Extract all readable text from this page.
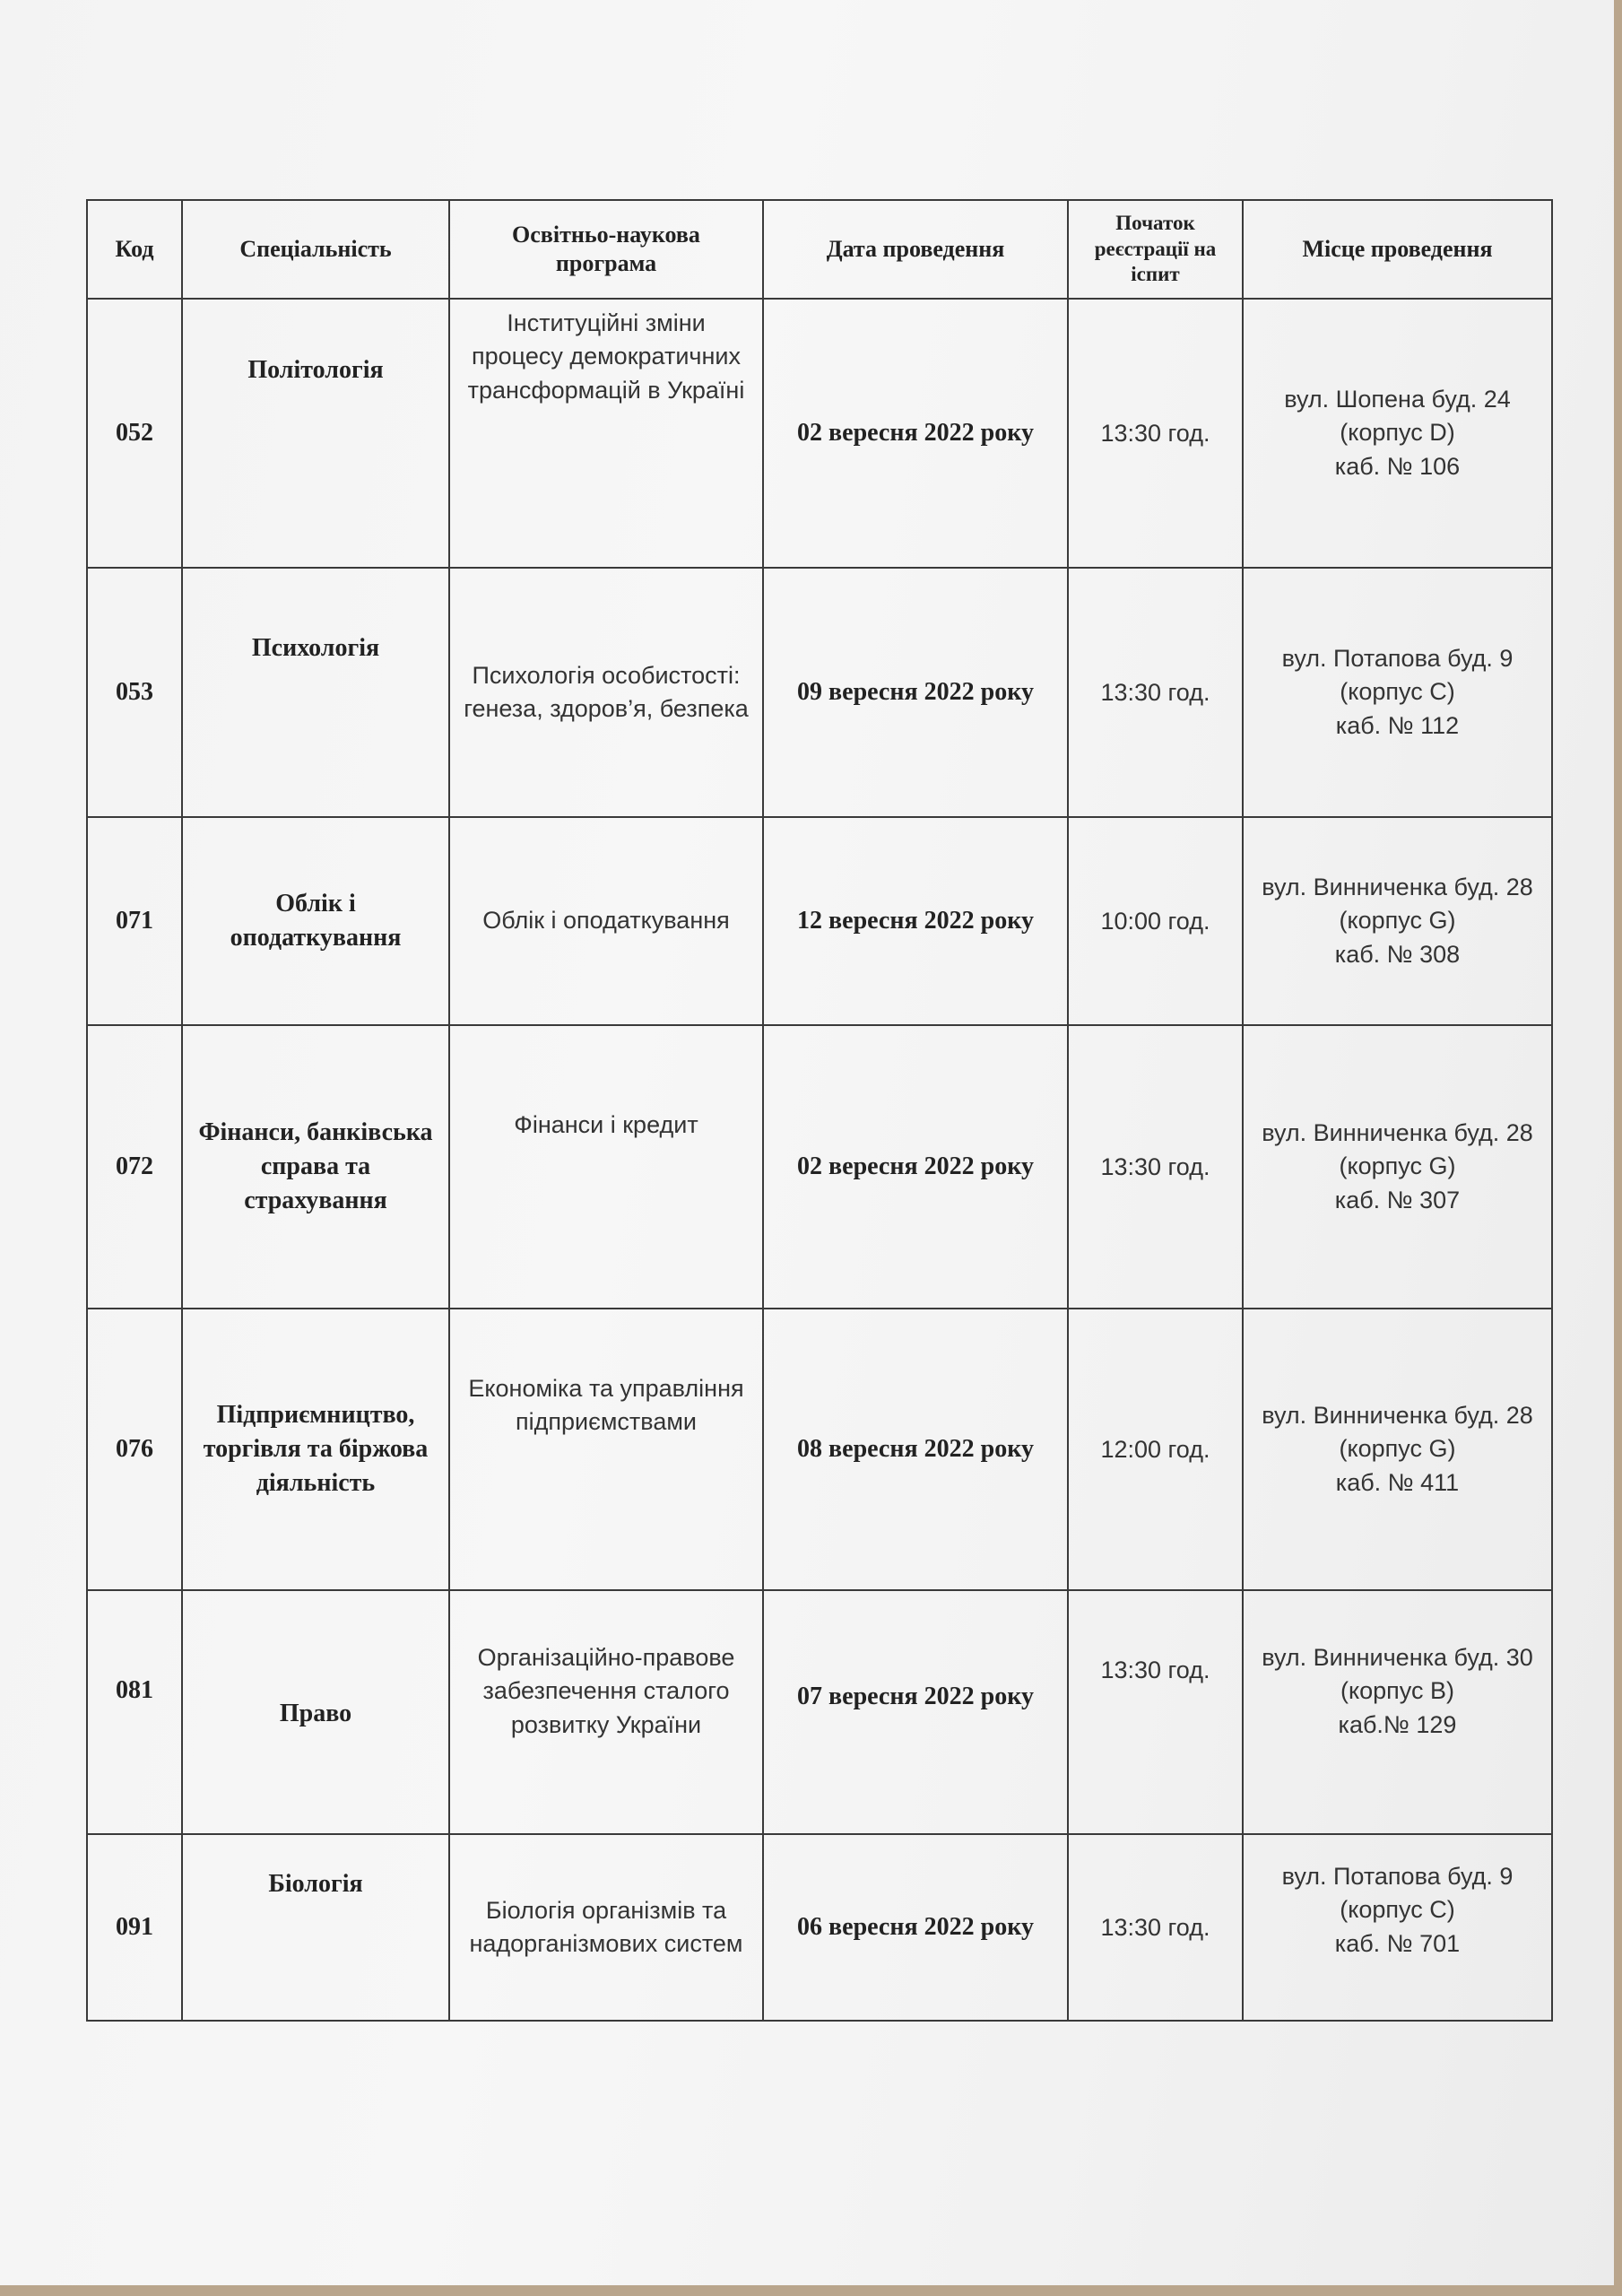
Код	Спеціальність	Освітньо-наукова програма	Дата проведення	Початок реєстрації на іспит	Місце проведення
052	Політологія	Інституційні зміни процесу демократичних трансформацій в Україні	02 вересня 2022 року	13:30 год.	вул. Шопена буд. 24
(корпус D)
каб. № 106

053	Психологія	Психологія особистості: генеза, здоров’я, безпека	09 вересня 2022 року	13:30 год.	вул. Потапова буд. 9
(корпус С)
каб. № 112

071	Облік і оподаткування	Облік і оподаткування	12 вересня 2022 року	10:00 год.	вул. Винниченка буд. 28
(корпус G)
каб. № 308

072	Фінанси, банківська справа та страхування	Фінанси і кредит	02 вересня 2022 року	13:30 год.	вул. Винниченка буд. 28
(корпус G)
каб. № 307

076	Підприємництво, торгівля та біржова діяльність	Економіка та управління підприємствами	08 вересня 2022 року	12:00 год.	вул. Винниченка буд. 28
(корпус G)
каб. № 411

081	Право	Організаційно-правове забезпечення сталого розвитку України	07 вересня 2022 року	13:30 год.	вул. Винниченка буд. 30
(корпус В)
каб.№ 129

091	Біологія	Біологія організмів та надорганізмових систем	06 вересня 2022 року	13:30 год.	вул. Потапова буд. 9
(корпус С)
каб. № 701
